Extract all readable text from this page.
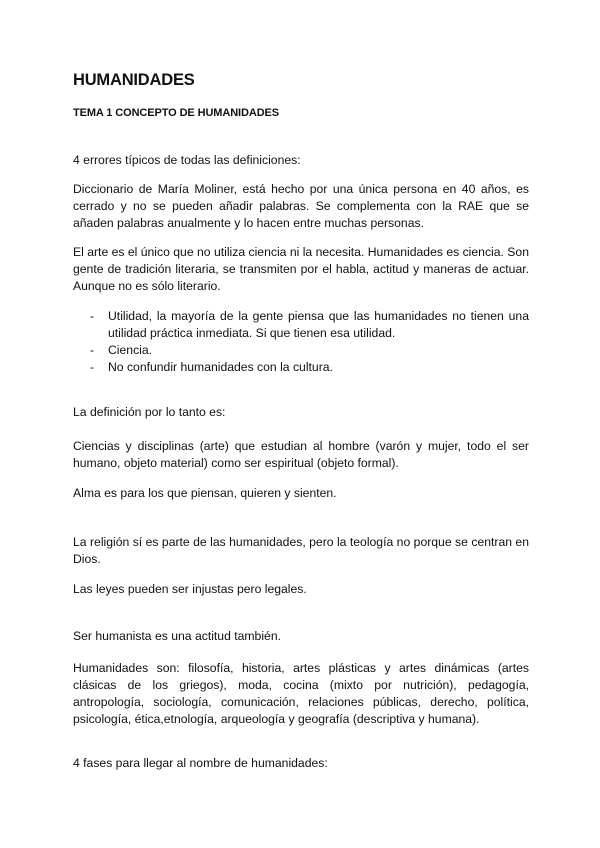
HUMANIDADES
TEMA 1 CONCEPTO DE HUMANIDADES

4 errores típicos de todas las definiciones:

Diccionario de María Moliner, está hecho por una única persona en 40 años, es cerrado y no se pueden añadir palabras. Se complementa con la RAE que se añaden palabras anualmente y lo hacen entre muchas personas.

El arte es el único que no utiliza ciencia ni la necesita. Humanidades es ciencia. Son gente de tradición literaria, se transmiten por el habla, actitud y maneras de actuar. Aunque no es sólo literario.

- Utilidad, la mayoría de la gente piensa que las humanidades no tienen una utilidad práctica inmediata. Si que tienen esa utilidad.
- Ciencia.
- No confundir humanidades con la cultura.

La definición por lo tanto es:

Ciencias y disciplinas (arte) que estudian al hombre (varón y mujer, todo el ser humano, objeto material) como ser espiritual (objeto formal).

Alma es para los que piensan, quieren y sienten.

La religión sí es parte de las humanidades, pero la teología no porque se centran en Dios.

Las leyes pueden ser injustas pero legales.

Ser humanista es una actitud también.

Humanidades son: filosofía, historia, artes plásticas y artes dinámicas (artes clásicas de los griegos), moda, cocina (mixto por nutrición), pedagogía, antropología, sociología, comunicación, relaciones públicas, derecho, política, psicología, ética,etnología, arqueología y geografía (descriptiva y humana).

4 fases para llegar al nombre de humanidades:
